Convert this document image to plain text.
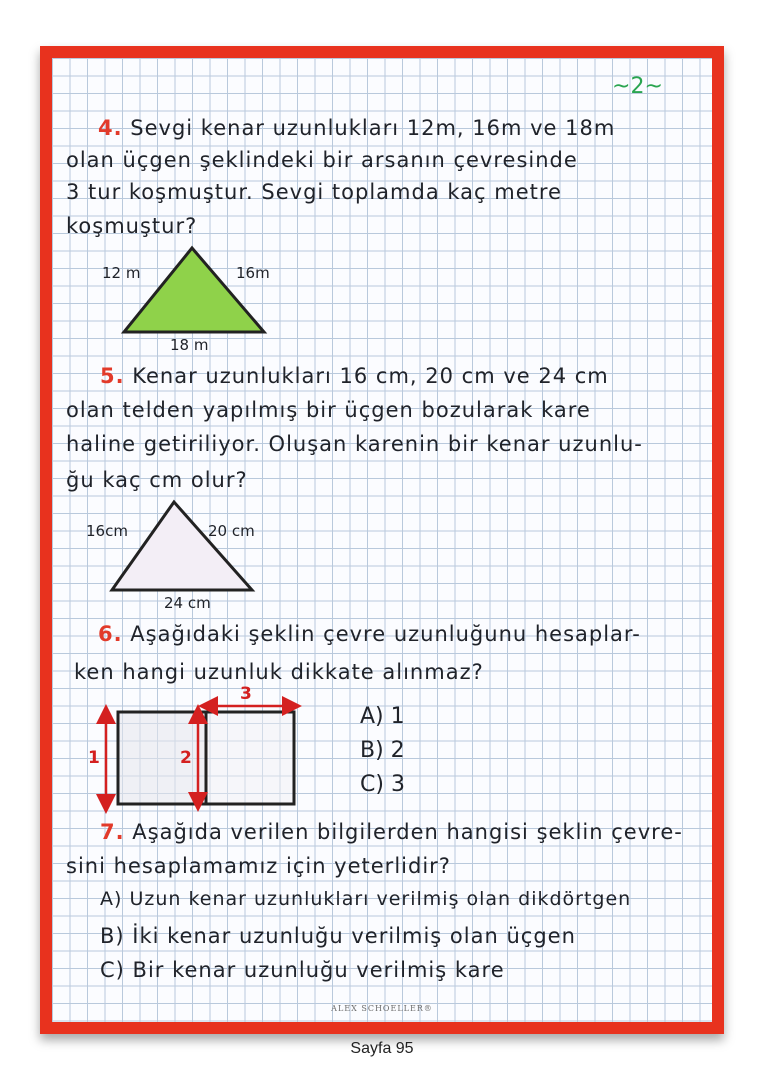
~2~
4. Sevgi kenar uzunlukları 12m, 16m ve 18m
olan üçgen şeklindeki bir arsanın çevresinde
3 tur koşmuştur. Sevgi toplamda kaç metre
koşmuştur?
12 m	16m
18 m
5. Kenar uzunlukları 16 cm, 20 cm ve 24 cm
olan telden yapılmış bir üçgen bozularak kare
haline getiriliyor. Oluşan karenin bir kenar uzunlu-
ğu kaç cm olur?
16cm	20 cm
24 cm
6. Aşağıdaki şeklin çevre uzunluğunu hesaplar-
ken hangi uzunluk dikkate alınmaz?
1	2
3
A) 1
B) 2
C) 3
7. Aşağıda verilen bilgilerden hangisi şeklin çevre-
sini hesaplamamız için yeterlidir?
A) Uzun kenar uzunlukları verilmiş olan dikdörtgen
B) İki kenar uzunluğu verilmiş olan üçgen
C) Bir kenar uzunluğu verilmiş kare
ALEX SCHOELLER®
Sayfa 95
